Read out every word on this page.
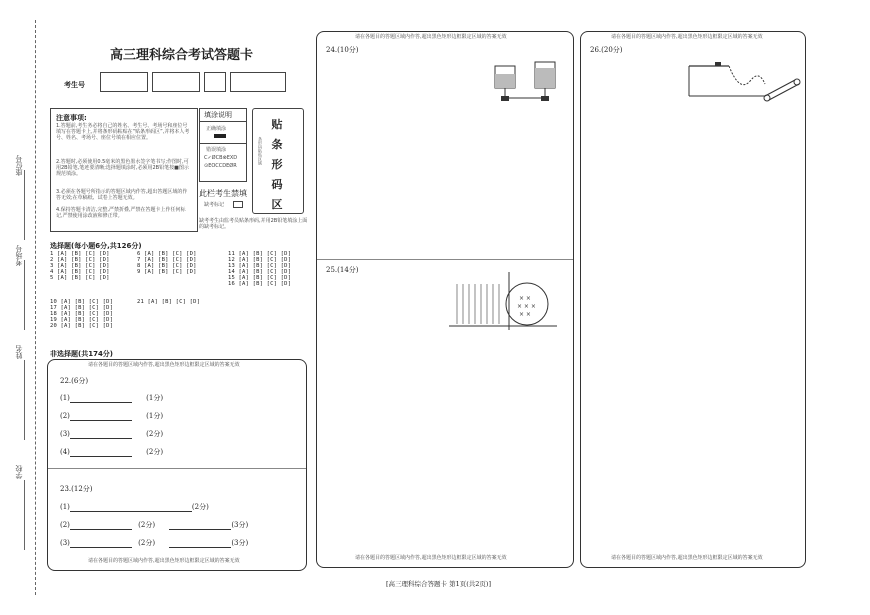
座位号
考场号
姓名
学校
高三理科综合考试答题卡
考生号
注意事项:
1.答题前,考生务必将自己的姓名、考生号、考场号和座位号填写在答题卡上,并将条形码粘贴在“贴条形码区”,并将本人考号、姓名、考场号、座位号填在相应位置。
2.答题时,必须使用0.5毫米的黑色墨水签字笔书写;作图时,可用2B铅笔,笔迹要清晰;选择题填涂时,必须用2B铅笔按■图示规范填涂。
3.必须在各题号所指示的答题区域内作答,超出答题区域的作答无效;在草稿纸、试卷上答题无效。
4.保持答题卡清洁,完整,严禁折叠,严禁在答题卡上作任何标记,严禁使用涂改液和修正带。
填涂说明
正确填涂
错误填涂
C✓ØCB⊗EXD
⊙EOCCDEØR
此栏考生禁填
缺考标记
缺考考生由监考员贴条形码,并用2B铅笔填涂上面的缺考标记。
贴条形码区
条形码粘贴区域
选择题(每小题6分,共126分)
1 [A] [B] [C] [D]
2 [A] [B] [C] [D]
3 [A] [B] [C] [D]
4 [A] [B] [C] [D]
5 [A] [B] [C] [D]
6 [A] [B] [C] [D]
7 [A] [B] [C] [D]
8 [A] [B] [C] [D]
9 [A] [B] [C] [D]
11 [A] [B] [C] [D]
12 [A] [B] [C] [D]
13 [A] [B] [C] [D]
14 [A] [B] [C] [D]
15 [A] [B] [C] [D]
16 [A] [B] [C] [D]
10 [A] [B] [C] [D]
17 [A] [B] [C] [D]
18 [A] [B] [C] [D]
19 [A] [B] [C] [D]
20 [A] [B] [C] [D]
21 [A] [B] [C] [D]
非选择题(共174分)
请在各题目的答题区域内作答,超出黑色矩形边框限定区域的答案无效
22.(6分)
(1)	(1分)
(2)	(1分)
(3)	(2分)
(4)	(2分)
23.(12分)
(1)	(2分)
(2)	(2分)	(3分)
(3)	(2分)	(3分)
请在各题目的答题区域内作答,超出黑色矩形边框限定区域的答案无效
请在各题目的答题区域内作答,超出黑色矩形边框限定区域的答案无效
24.(10分)
25.(14分)
× ×
× × ×
× ×
请在各题目的答题区域内作答,超出黑色矩形边框限定区域的答案无效
请在各题目的答题区域内作答,超出黑色矩形边框限定区域的答案无效
26.(20分)
请在各题目的答题区域内作答,超出黑色矩形边框限定区域的答案无效
[高三理科综合答题卡 第1页(共2页)]
